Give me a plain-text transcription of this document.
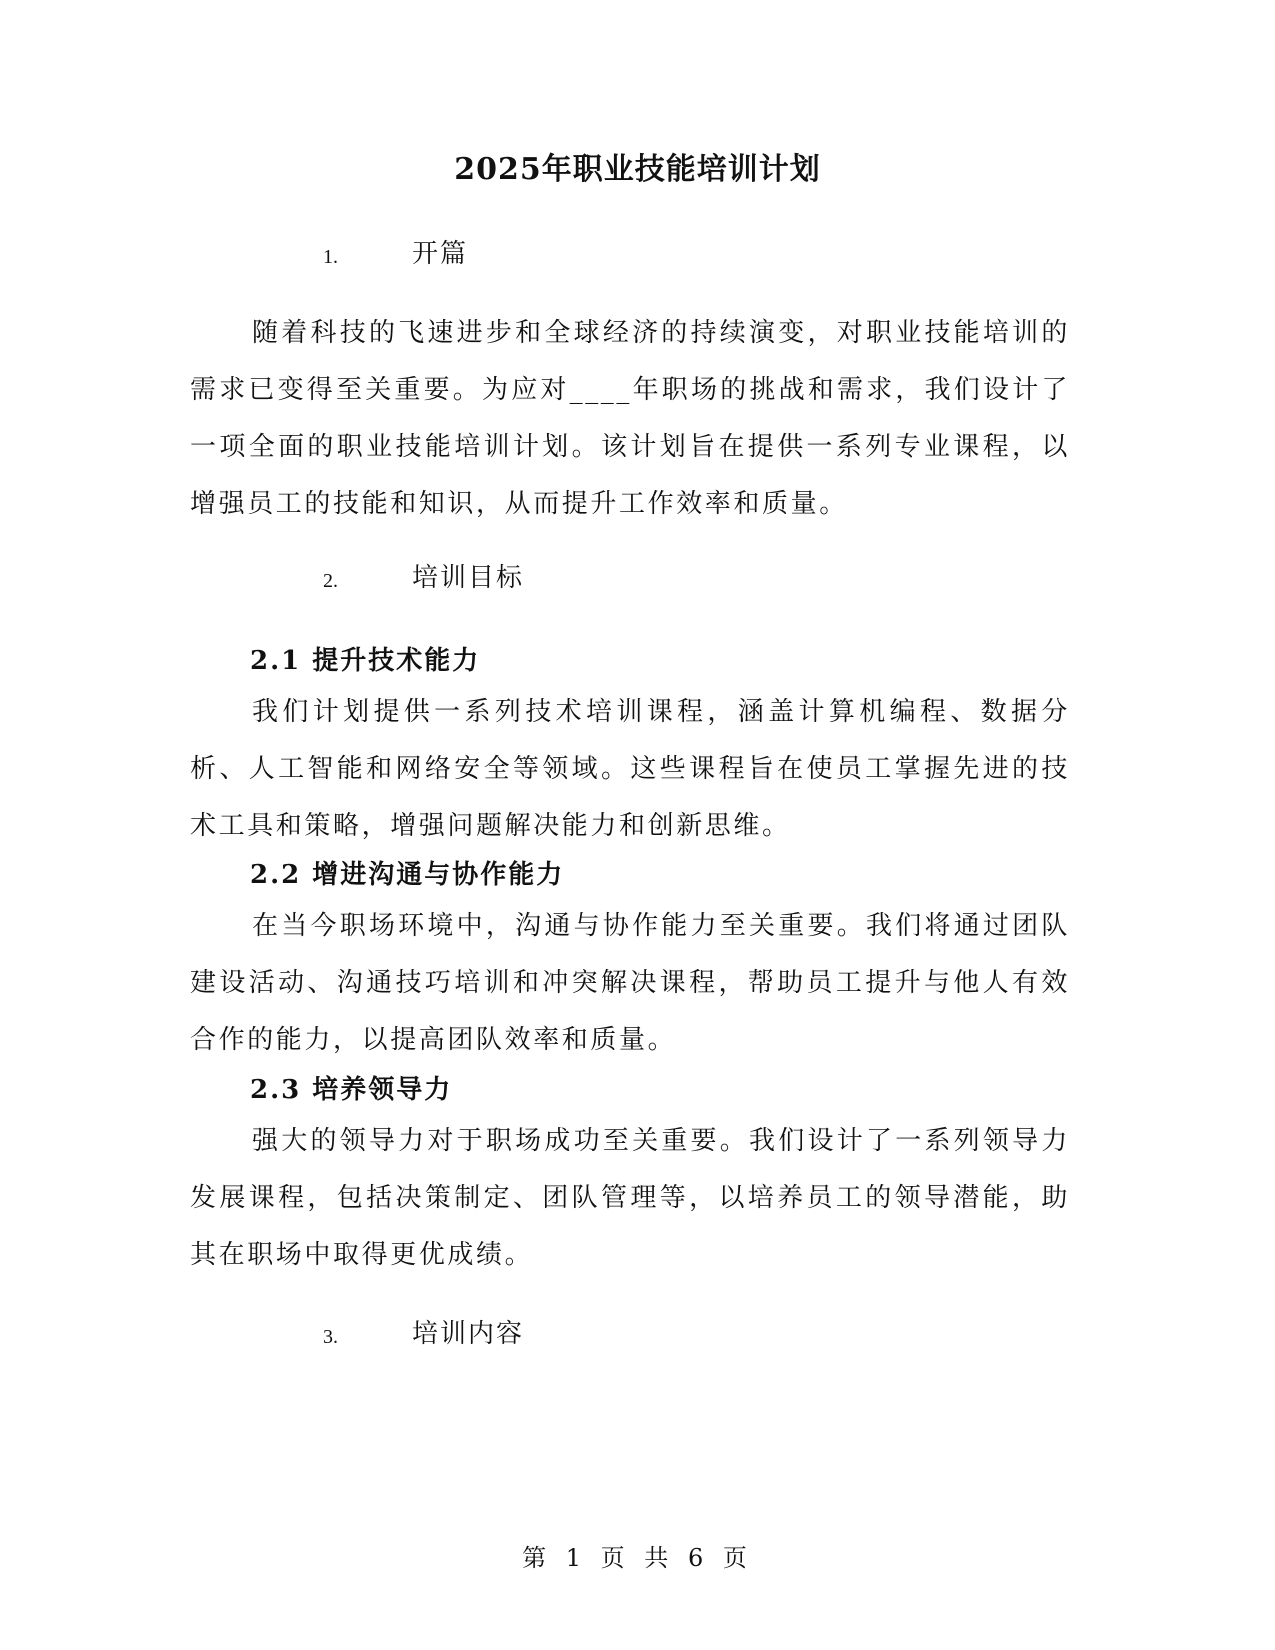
2025年职业技能培训计划
1.	开篇

随着科技的飞速进步和全球经济的持续演变，对职业技能培训的需求已变得至关重要。为应对____年职场的挑战和需求，我们设计了一项全面的职业技能培训计划。该计划旨在提供一系列专业课程，以增强员工的技能和知识，从而提升工作效率和质量。

2.	培训目标
2.1 提升技术能力

我们计划提供一系列技术培训课程，涵盖计算机编程、数据分析、人工智能和网络安全等领域。这些课程旨在使员工掌握先进的技术工具和策略，增强问题解决能力和创新思维。

2.2 增进沟通与协作能力

在当今职场环境中，沟通与协作能力至关重要。我们将通过团队建设活动、沟通技巧培训和冲突解决课程，帮助员工提升与他人有效合作的能力，以提高团队效率和质量。

2.3 培养领导力

强大的领导力对于职场成功至关重要。我们设计了一系列领导力发展课程，包括决策制定、团队管理等，以培养员工的领导潜能，助其在职场中取得更优成绩。

3.	培训内容
第 1 页 共 6 页
